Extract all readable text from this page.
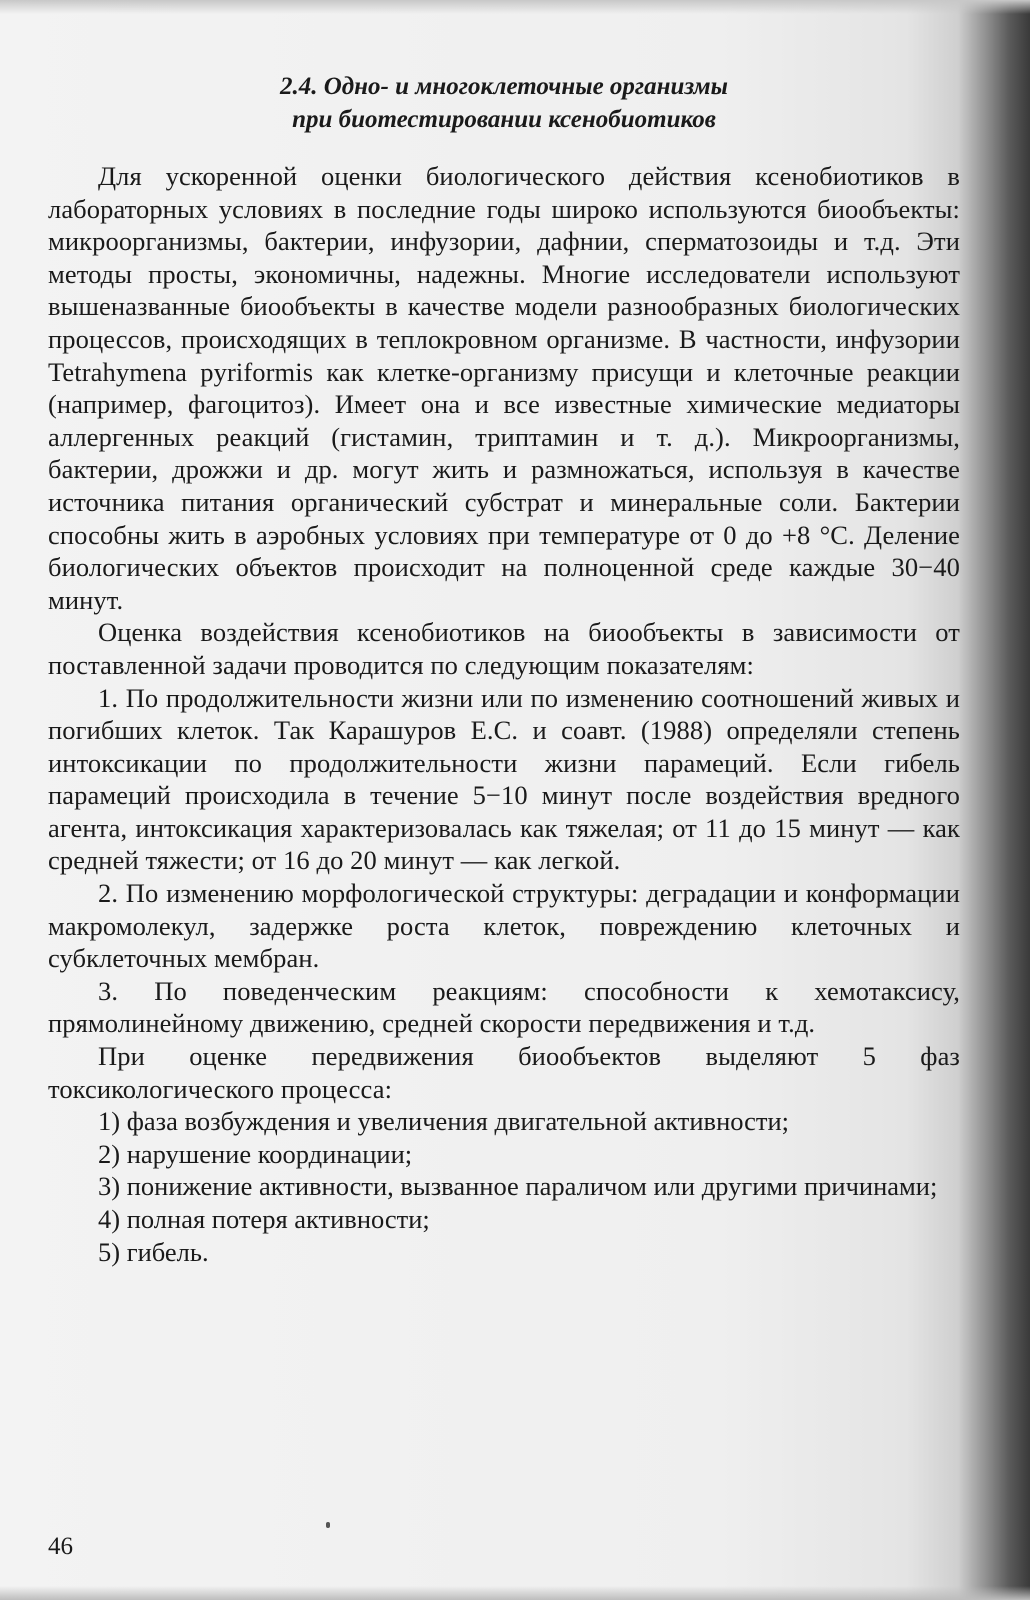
2.4. Одно- и многоклеточные организмы
при биотестировании ксенобиотиков

Для ускоренной оценки биологического действия ксенобиотиков в лабораторных условиях в последние годы широко используются биообъекты: микроорганизмы, бактерии, инфузории, дафнии, сперматозоиды и т.д. Эти методы просты, экономичны, надежны. Многие исследователи используют вышеназванные биообъекты в качестве модели разнообразных биологических процессов, происходящих в теплокровном организме. В частности, инфузории Tetrahymena pyriformis как клетке-организму присущи и клеточные реакции (например, фагоцитоз). Имеет она и все известные химические медиаторы аллергенных реакций (гистамин, триптамин и т. д.). Микроорганизмы, бактерии, дрожжи и др. могут жить и размножаться, используя в качестве источника питания органический субстрат и минеральные соли. Бактерии способны жить в аэробных условиях при температуре от 0 до +8 °С. Деление биологических объектов происходит на полноценной среде каждые 30−40 минут.

Оценка воздействия ксенобиотиков на биообъекты в зависимости от поставленной задачи проводится по следующим показателям:

1. По продолжительности жизни или по изменению соотношений живых и погибших клеток. Так Карашуров Е.С. и соавт. (1988) определяли степень интоксикации по продолжительности жизни парамеций. Если гибель парамеций происходила в течение 5−10 минут после воздействия вредного агента, интоксикация характеризовалась как тяжелая; от 11 до 15 минут — как средней тяжести; от 16 до 20 минут — как легкой.

2. По изменению морфологической структуры: деградации и конформации макромолекул, задержке роста клеток, повреждению клеточных и субклеточных мембран.

3. По поведенческим реакциям: способности к хемотаксису, прямолинейному движению, средней скорости передвижения и т.д.

При оценке передвижения биообъектов выделяют 5 фаз токсикологического процесса:

1) фаза возбуждения и увеличения двигательной активности;

2) нарушение координации;

3) понижение активности, вызванное параличом или другими причинами;

4) полная потеря активности;

5) гибель.

46
